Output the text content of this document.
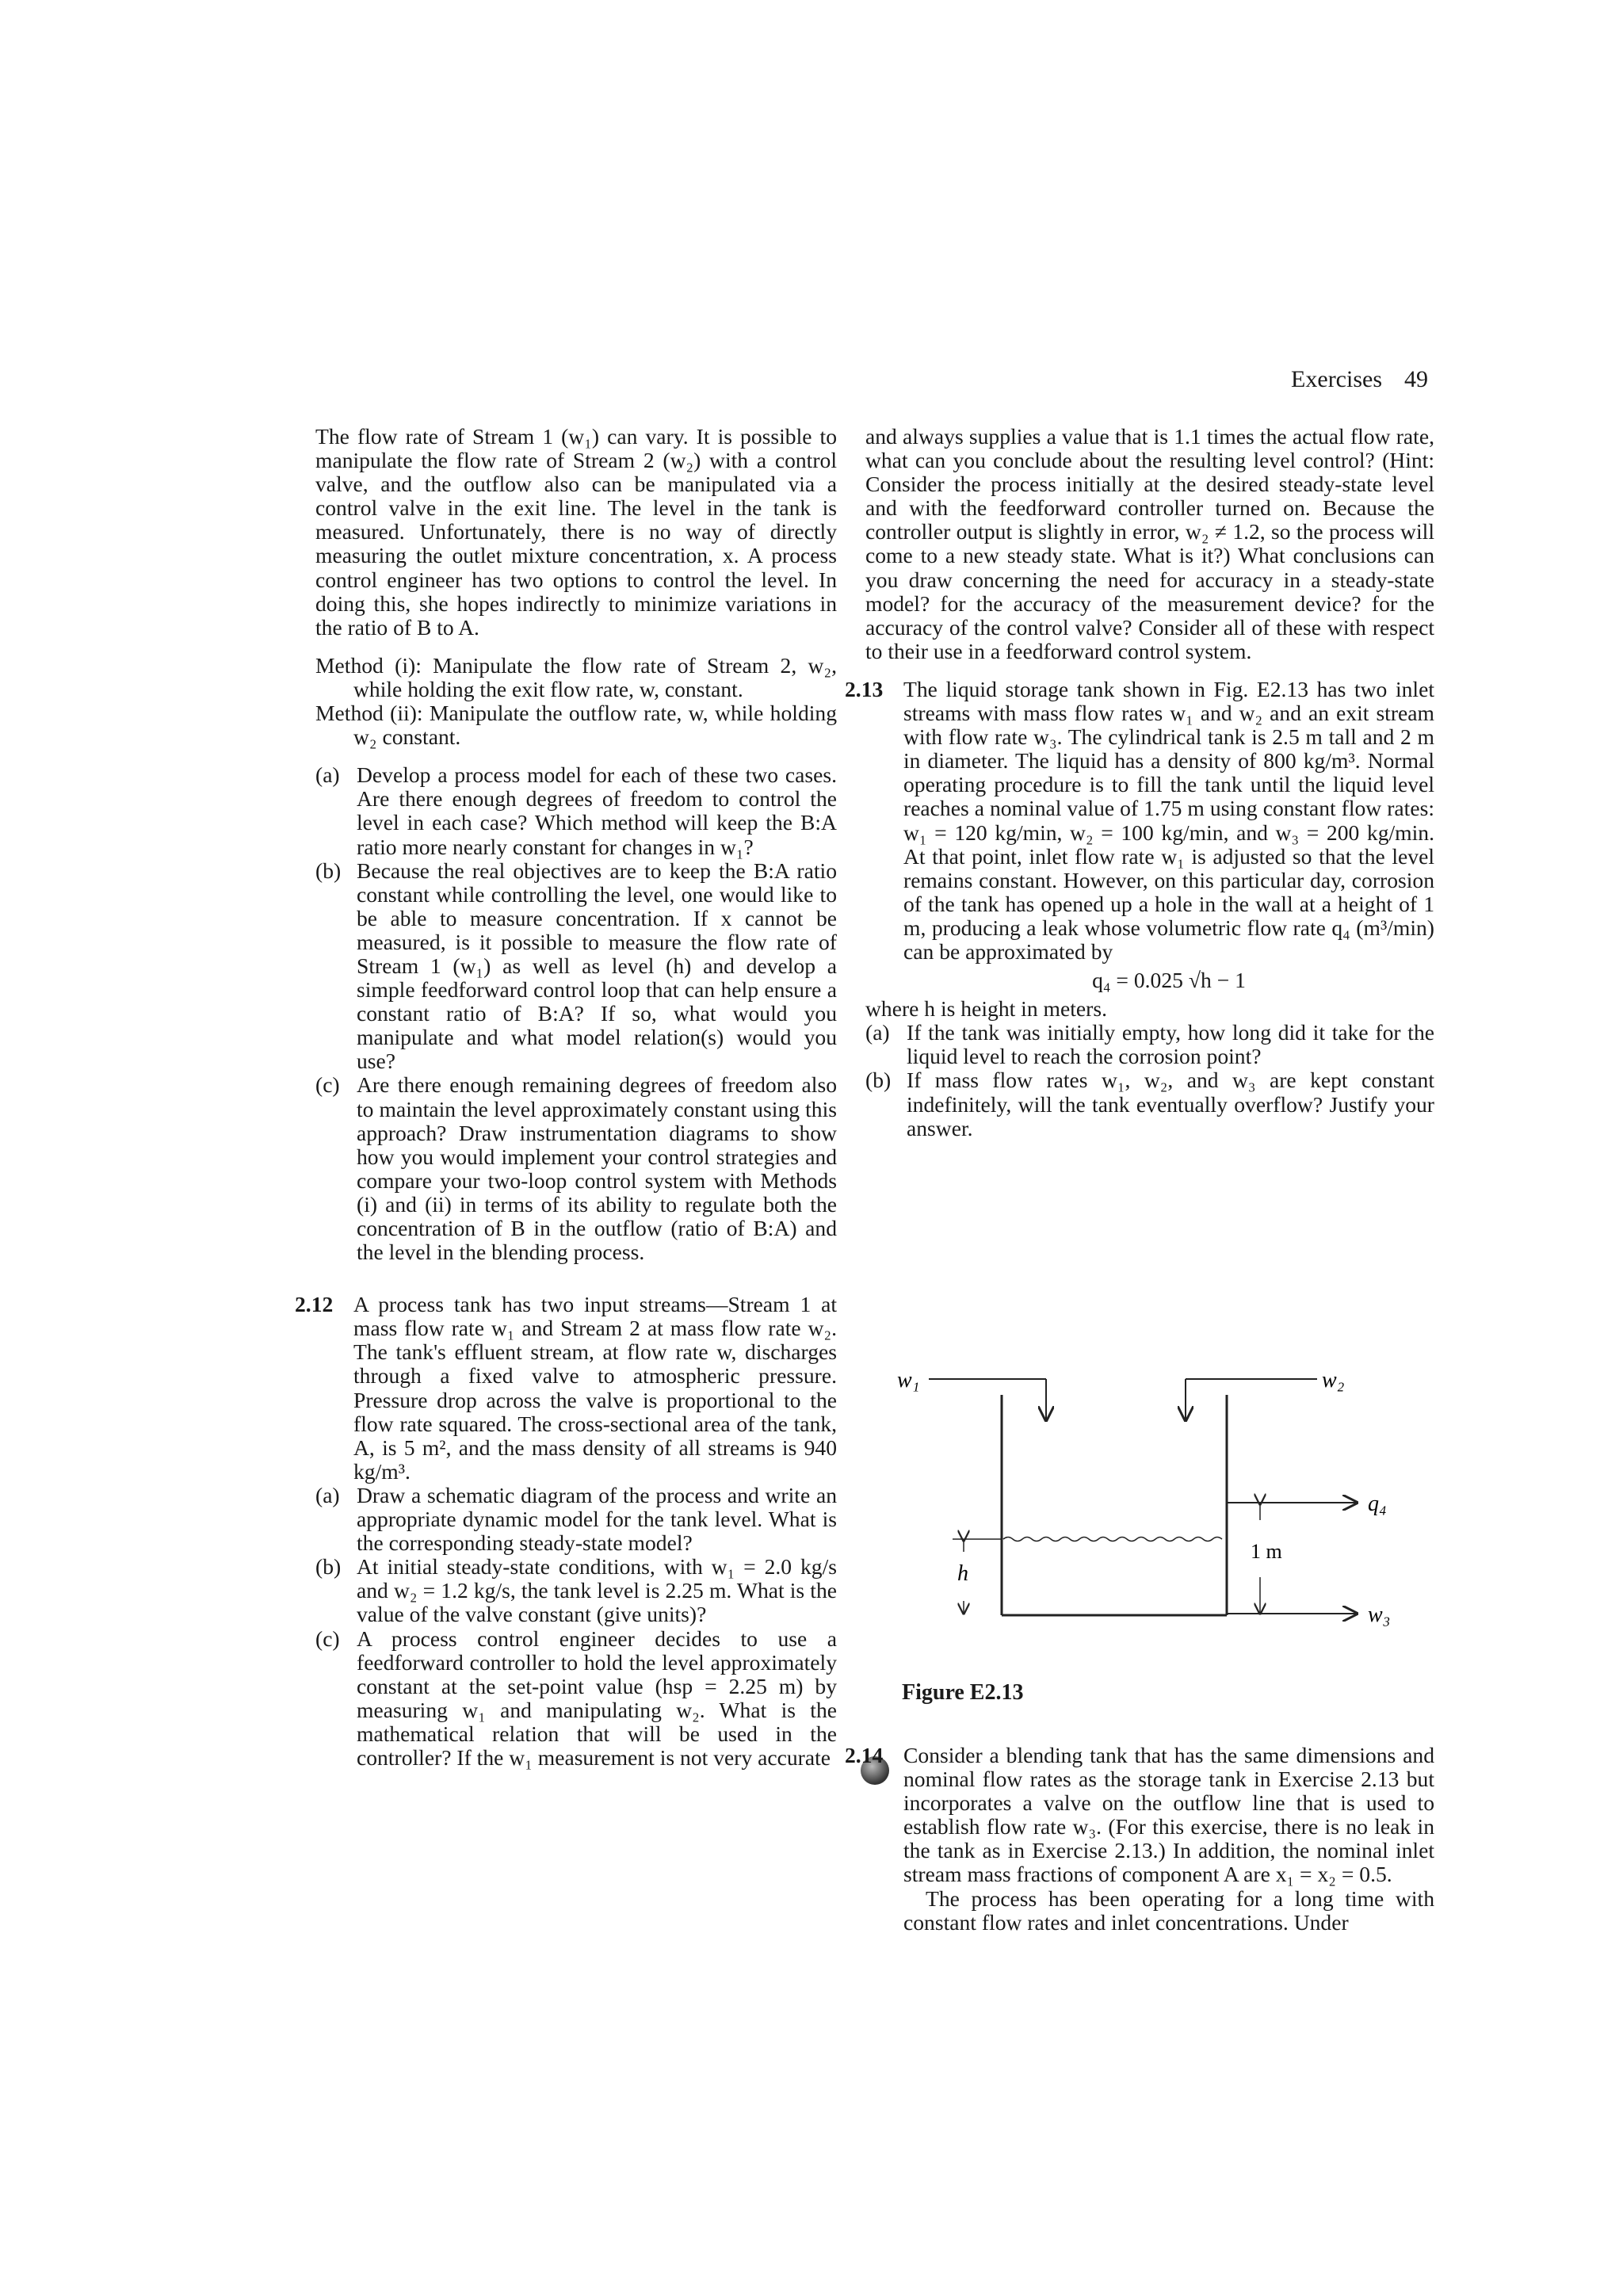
Exercises 49

The flow rate of Stream 1 (w₁) can vary. It is possible to manipulate the flow rate of Stream 2 (w₂) with a control valve, and the outflow also can be manipulated via a control valve in the exit line. The level in the tank is measured. Unfortunately, there is no way of directly measuring the outlet mixture concentration, x. A process control engineer has two options to control the level. In doing this, she hopes indirectly to minimize variations in the ratio of B to A.

Method (i): Manipulate the flow rate of Stream 2, w₂, while holding the exit flow rate, w, constant.

Method (ii): Manipulate the outflow rate, w, while holding w₂ constant.

(a) Develop a process model for each of these two cases. Are there enough degrees of freedom to control the level in each case? Which method will keep the B:A ratio more nearly constant for changes in w₁?
(b) Because the real objectives are to keep the B:A ratio constant while controlling the level, one would like to be able to measure concentration. If x cannot be measured, is it possible to measure the flow rate of Stream 1 (w₁) as well as level (h) and develop a simple feedforward control loop that can help ensure a constant ratio of B:A? If so, what would you manipulate and what model relation(s) would you use?
(c) Are there enough remaining degrees of freedom also to maintain the level approximately constant using this approach? Draw instrumentation diagrams to show how you would implement your control strategies and compare your two-loop control system with Methods (i) and (ii) in terms of its ability to regulate both the concentration of B in the outflow (ratio of B:A) and the level in the blending process.
2.12 A process tank has two input streams—Stream 1 at mass flow rate w₁ and Stream 2 at mass flow rate w₂. The tank's effluent stream, at flow rate w, discharges through a fixed valve to atmospheric pressure. Pressure drop across the valve is proportional to the flow rate squared. The cross-sectional area of the tank, A, is 5 m², and the mass density of all streams is 940 kg/m³.

(a) Draw a schematic diagram of the process and write an appropriate dynamic model for the tank level. What is the corresponding steady-state model?
(b) At initial steady-state conditions, with w₁ = 2.0 kg/s and w₂ = 1.2 kg/s, the tank level is 2.25 m. What is the value of the valve constant (give units)?
(c) A process control engineer decides to use a feedforward controller to hold the level approximately constant at the set-point value (hsp = 2.25 m) by measuring w₁ and manipulating w₂. What is the mathematical relation that will be used in the controller? If the w₁ measurement is not very accurate

and always supplies a value that is 1.1 times the actual flow rate, what can you conclude about the resulting level control? (Hint: Consider the process initially at the desired steady-state level and with the feedforward controller turned on. Because the controller output is slightly in error, w₂ ≠ 1.2, so the process will come to a new steady state. What is it?) What conclusions can you draw concerning the need for accuracy in a steady-state model? for the accuracy of the measurement device? for the accuracy of the control valve? Consider all of these with respect to their use in a feedforward control system.

2.13 The liquid storage tank shown in Fig. E2.13 has two inlet streams with mass flow rates w₁ and w₂ and an exit stream with flow rate w₃. The cylindrical tank is 2.5 m tall and 2 m in diameter. The liquid has a density of 800 kg/m³. Normal operating procedure is to fill the tank until the liquid level reaches a nominal value of 1.75 m using constant flow rates: w₁ = 120 kg/min, w₂ = 100 kg/min, and w₃ = 200 kg/min. At that point, inlet flow rate w₁ is adjusted so that the level remains constant. However, on this particular day, corrosion of the tank has opened up a hole in the wall at a height of 1 m, producing a leak whose volumetric flow rate q₄ (m³/min) can be approximated by

q₄ = 0.025 √h − 1

where h is height in meters.

(a) If the tank was initially empty, how long did it take for the liquid level to reach the corrosion point?
(b) If mass flow rates w₁, w₂, and w₃ are kept constant indefinitely, will the tank eventually overflow? Justify your answer.
w₁	w₂
h
q₄
1 m
w₃
Figure E2.13
2.14 Consider a blending tank that has the same dimensions and nominal flow rates as the storage tank in Exercise 2.13 but incorporates a valve on the outflow line that is used to establish flow rate w₃. (For this exercise, there is no leak in the tank as in Exercise 2.13.) In addition, the nominal inlet stream mass fractions of component A are x₁ = x₂ = 0.5.

The process has been operating for a long time with constant flow rates and inlet concentrations. Under
